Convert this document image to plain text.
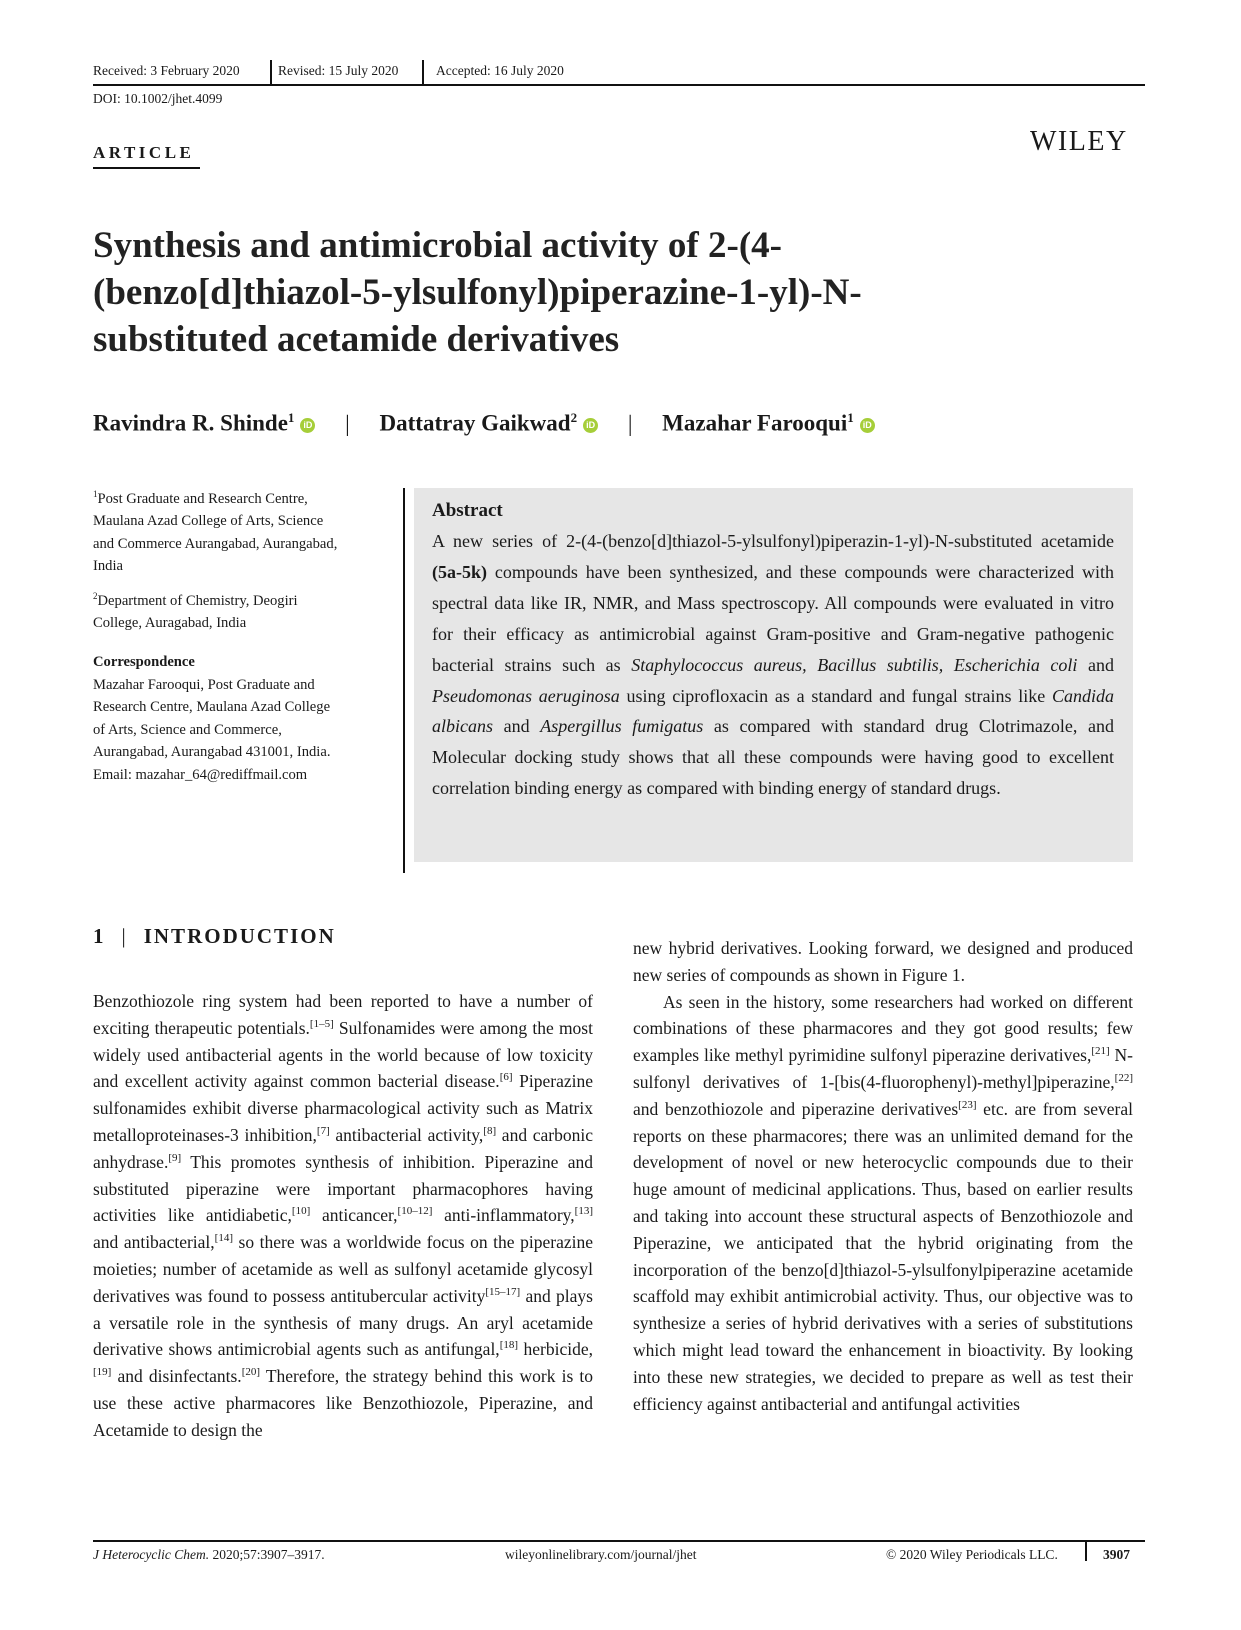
Received: 3 February 2020	Revised: 15 July 2020	Accepted: 16 July 2020
DOI: 10.1002/jhet.4099
ARTICLE	WILEY
Synthesis and antimicrobial activity of 2-(4-
(benzo[d]thiazol-5-ylsulfonyl)piperazine-1-yl)-N-
substituted acetamide derivatives
Ravindra R. Shinde$^1$ iD | Dattatray Gaikwad$^2$ iD | Mazahar Farooqui$^1$ iD
$^1$Post Graduate and Research Centre,
Maulana Azad College of Arts, Science
and Commerce Aurangabad, Aurangabad,
India
$^2$Department of Chemistry, Deogiri
College, Auragabad, India
Correspondence
Mazahar Farooqui, Post Graduate and
Research Centre, Maulana Azad College
of Arts, Science and Commerce,
Aurangabad, Aurangabad 431001, India.
Email: mazahar_64@rediffmail.com
Abstract

A new series of 2-(4-(benzo[d]thiazol-5-ylsulfonyl)piperazin-1-yl)-N-substituted acetamide (5a-5k) compounds have been synthesized, and these compounds were characterized with spectral data like IR, NMR, and Mass spectroscopy. All compounds were evaluated in vitro for their efficacy as antimicrobial against Gram-positive and Gram-negative pathogenic bacterial strains such as Staphylococcus aureus, Bacillus subtilis, Escherichia coli and Pseudomonas aeruginosa using ciprofloxacin as a standard and fungal strains like Candida albicans and Aspergillus fumigatus as compared with standard drug Clotrimazole, and Molecular docking study shows that all these compounds were having good to excellent correlation binding energy as compared with binding energy of standard drugs.

1 | INTRODUCTION

Benzothiozole ring system had been reported to have a number of exciting therapeutic potentials.[1–5] Sulfonamides were among the most widely used antibacterial agents in the world because of low toxicity and excellent activity against common bacterial disease.[6] Piperazine sulfonamides exhibit diverse pharmacological activity such as Matrix metalloproteinases-3 inhibition,[7] antibacterial activity,[8] and carbonic anhydrase.[9] This promotes synthesis of inhibition. Piperazine and substituted piperazine were important pharmacophores having activities like antidiabetic,[10] anticancer,[10–12] anti-inflammatory,[13] and antibacterial,[14] so there was a worldwide focus on the piperazine moieties; number of acetamide as well as sulfonyl acetamide glycosyl derivatives was found to possess antitubercular activity[15–17] and plays a versatile role in the synthesis of many drugs. An aryl acetamide derivative shows antimicrobial agents such as antifungal,[18] herbicide,[19] and disinfectants.[20] Therefore, the strategy behind this work is to use these active pharmacores like Benzothiozole, Piperazine, and Acetamide to design the

new hybrid derivatives. Looking forward, we designed and produced new series of compounds as shown in Figure 1.

As seen in the history, some researchers had worked on different combinations of these pharmacores and they got good results; few examples like methyl pyrimidine sulfonyl piperazine derivatives,[21] N-sulfonyl derivatives of 1-[bis(4-fluorophenyl)-methyl]piperazine,[22] and benzothiozole and piperazine derivatives[23] etc. are from several reports on these pharmacores; there was an unlimited demand for the development of novel or new heterocyclic compounds due to their huge amount of medicinal applications. Thus, based on earlier results and taking into account these structural aspects of Benzothiozole and Piperazine, we anticipated that the hybrid originating from the incorporation of the benzo[d]thiazol-5-ylsulfonylpiperazine acetamide scaffold may exhibit antimicrobial activity. Thus, our objective was to synthesize a series of hybrid derivatives with a series of substitutions which might lead toward the enhancement in bioactivity. By looking into these new strategies, we decided to prepare as well as test their efficiency against antibacterial and antifungal activities

J Heterocyclic Chem. 2020;57:3907–3917.	wileyonlinelibrary.com/journal/jhet	© 2020 Wiley Periodicals LLC.	3907
